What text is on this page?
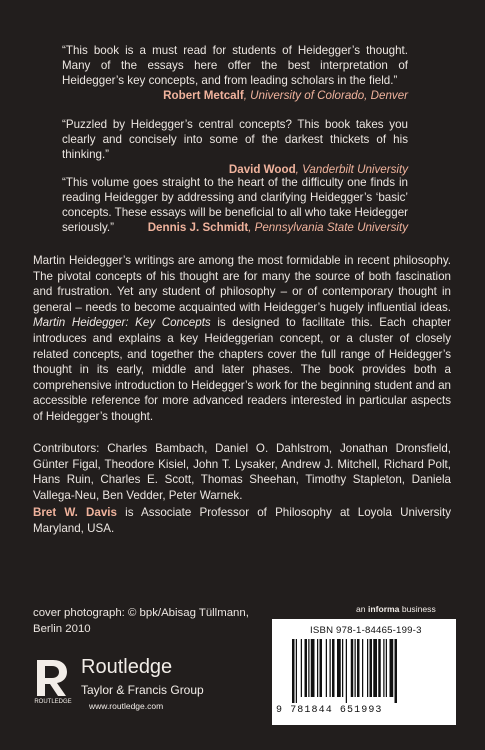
“This book is a must read for students of Heidegger’s thought. Many of the essays here offer the best interpretation of Heidegger’s key concepts, and from leading scholars in the field.”

Robert Metcalf, University of Colorado, Denver

“Puzzled by Heidegger’s central concepts? This book takes you clearly and concisely into some of the darkest thickets of his thinking.”

David Wood, Vanderbilt University

“This volume goes straight to the heart of the difficulty one finds in reading Heidegger by addressing and clarifying Heidegger’s ‘basic’ concepts. These essays will be beneficial to all who take Heidegger seriously.”	Dennis J. Schmidt, Pennsylvania State University

Martin Heidegger’s writings are among the most formidable in recent philosophy. The pivotal concepts of his thought are for many the source of both fascination and frustration. Yet any student of philosophy – or of contemporary thought in general – needs to become acquainted with Heidegger’s hugely influential ideas. Martin Heidegger: Key Concepts is designed to facilitate this. Each chapter introduces and explains a key Heideggerian concept, or a cluster of closely related concepts, and together the chapters cover the full range of Heidegger’s thought in its early, middle and later phases. The book provides both a comprehensive introduction to Heidegger’s work for the beginning student and an accessible reference for more advanced readers interested in particular aspects of Heidegger’s thought.

Contributors: Charles Bambach, Daniel O. Dahlstrom, Jonathan Dronsfield, Günter Figal, Theodore Kisiel, John T. Lysaker, Andrew J. Mitchell, Richard Polt, Hans Ruin, Charles E. Scott, Thomas Sheehan, Timothy Stapleton, Daniela Vallega-Neu, Ben Vedder, Peter Warnek.

Bret W. Davis is Associate Professor of Philosophy at Loyola University Maryland, USA.

cover photograph: © bpk/Abisag Tüllmann,
Berlin 2010
ROUTLEDGE
Routledge
Taylor & Francis Group
www.routledge.com
an informa business
ISBN 978-1-84465-199-3
9 781844 651993
